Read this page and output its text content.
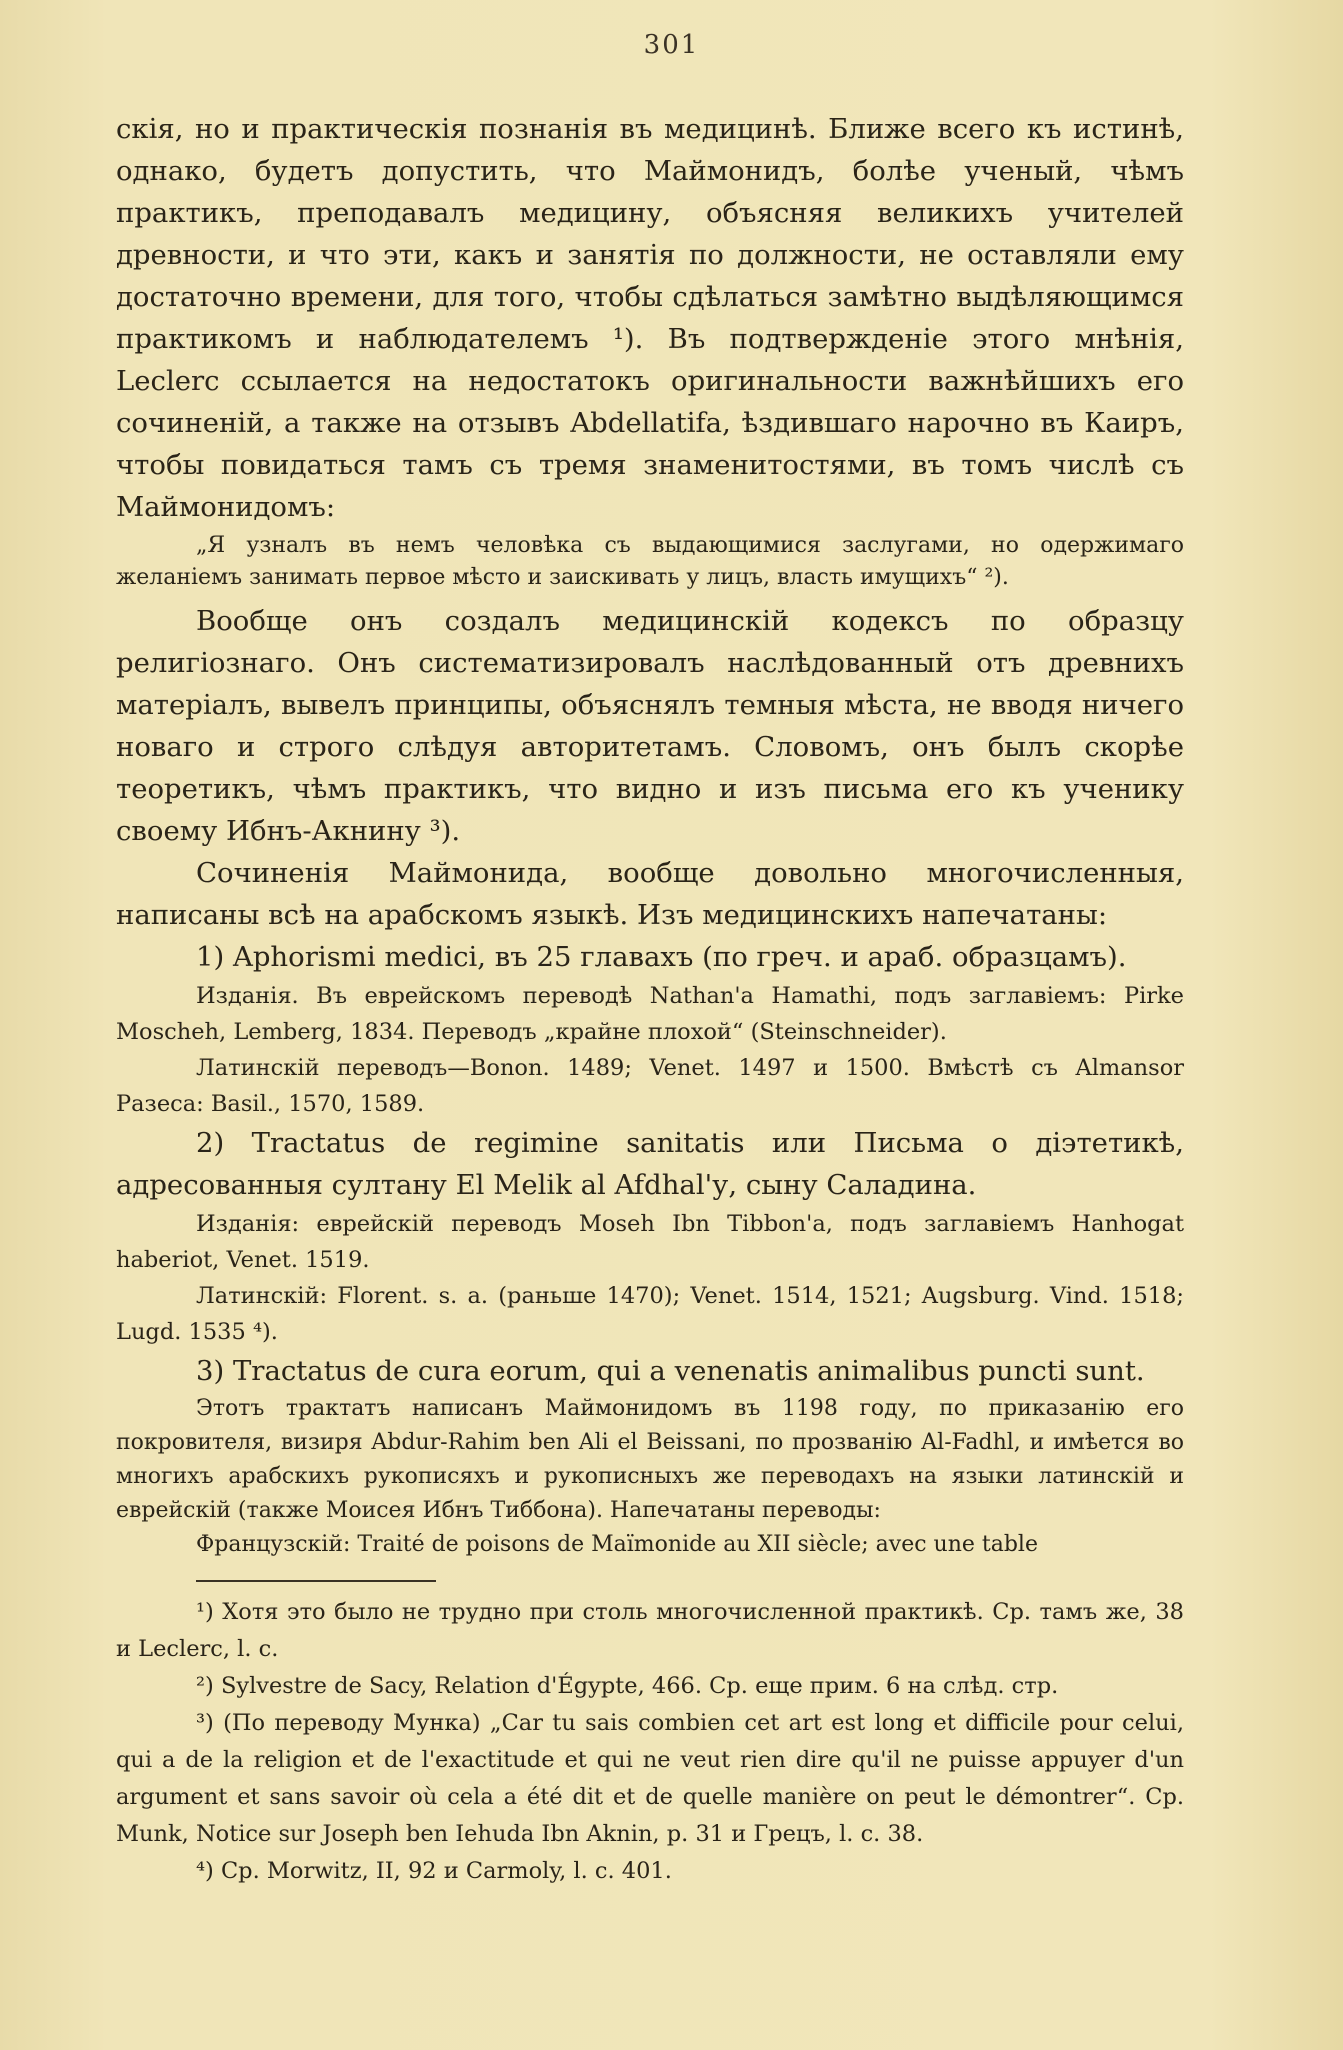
301

скія, но и практическія познанія въ медицинѣ. Ближе всего къ истинѣ, однако, будетъ допустить, что Маймонидъ, болѣе ученый, чѣмъ практикъ, преподавалъ медицину, объясняя великихъ учителей древности, и что эти, какъ и занятія по должности, не оставляли ему достаточно времени, для того, чтобы сдѣлаться замѣтно выдѣляющимся практикомъ и наблюдателемъ ¹). Въ подтвержденіе этого мнѣнія, Leclerc ссылается на недостатокъ оригинальности важнѣйшихъ его сочиненій, а также на отзывъ Abdellatifa, ѣздившаго нарочно въ Каиръ, чтобы повидаться тамъ съ тремя знаменитостями, въ томъ числѣ съ Маймонидомъ:

„Я узналъ въ немъ человѣка съ выдающимися заслугами, но одержимаго желаніемъ занимать первое мѣсто и заискивать у лицъ, власть имущихъ“ ²).

Вообще онъ создалъ медицинскій кодексъ по образцу религіознаго. Онъ систематизировалъ наслѣдованный отъ древнихъ матеріалъ, вывелъ принципы, объяснялъ темныя мѣста, не вводя ничего новаго и строго слѣдуя авторитетамъ. Словомъ, онъ былъ скорѣе теоретикъ, чѣмъ практикъ, что видно и изъ письма его къ ученику своему Ибнъ-Акнину ³).

Сочиненія Маймонида, вообще довольно многочисленныя, написаны всѣ на арабскомъ языкѣ. Изъ медицинскихъ напечатаны:

1) Aphorismi medici, въ 25 главахъ (по греч. и араб. образцамъ).

Изданія. Въ еврейскомъ переводѣ Nathan'a Hamathi, подъ заглавіемъ: Pirke Moscheh, Lemberg, 1834. Переводъ „крайне плохой“ (Steinschneider).

Латинскій переводъ—Bonon. 1489; Venet. 1497 и 1500. Вмѣстѣ съ Almansor Разеса: Basil., 1570, 1589.

2) Tractatus de regimine sanitatis или Письма о діэтетикѣ, адресованныя султану El Melik al Afdhal'у, сыну Саладина.

Изданія: еврейскій переводъ Moseh Ibn Tibbon'a, подъ заглавіемъ Hanhogat haberiot, Venet. 1519.

Латинскій: Florent. s. a. (раньше 1470); Venet. 1514, 1521; Augsburg. Vind. 1518; Lugd. 1535 ⁴).

3) Tractatus de cura eorum, qui a venenatis animalibus puncti sunt.

Этотъ трактатъ написанъ Маймонидомъ въ 1198 году, по приказанію его покровителя, визиря Abdur-Rahim ben Ali el Beissani, по прозванію Al-Fadhl, и имѣется во многихъ арабскихъ рукописяхъ и рукописныхъ же переводахъ на языки латинскій и еврейскій (также Моисея Ибнъ Тиббона). Напечатаны переводы:

Французскій: Traité de poisons de Maïmonide au XII siècle; avec une table

¹) Хотя это было не трудно при столь многочисленной практикѣ. Ср. тамъ же, 38 и Leclerc, l. c.

²) Sylvestre de Sacy, Relation d'Égypte, 466. Ср. еще прим. 6 на слѣд. стр.

³) (По переводу Мунка) „Car tu sais combien cet art est long et difficile pour celui, qui a de la religion et de l'exactitude et qui ne veut rien dire qu'il ne puisse appuyer d'un argument et sans savoir où cela a été dit et de quelle manière on peut le démontrer“. Ср. Munk, Notice sur Joseph ben Iehuda Ibn Aknin, p. 31 и Грецъ, l. c. 38.

⁴) Ср. Morwitz, II, 92 и Carmoly, l. c. 401.
